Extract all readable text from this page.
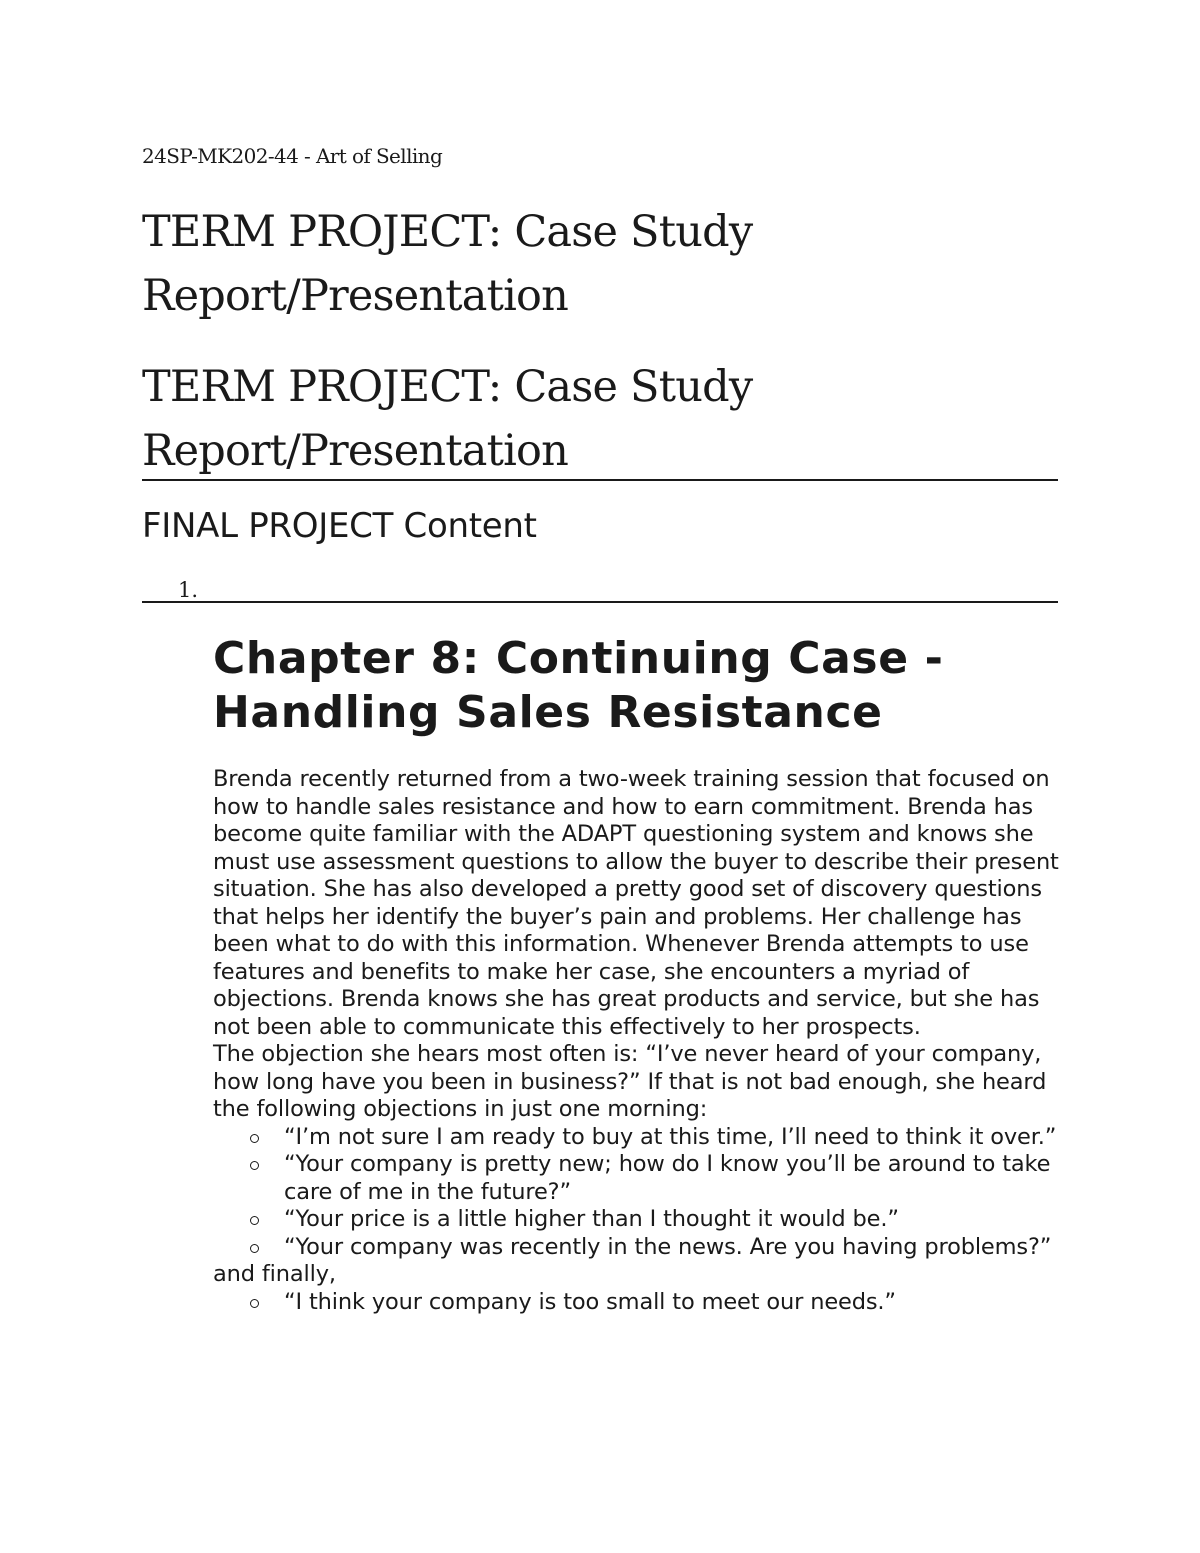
24SP-MK202-44 - Art of Selling
TERM PROJECT: Case Study Report/Presentation
TERM PROJECT: Case Study Report/Presentation
FINAL PROJECT Content
1.
Chapter 8: Continuing Case - Handling Sales Resistance

Brenda recently returned from a two-week training session that focused on how to handle sales resistance and how to earn commitment. Brenda has become quite familiar with the ADAPT questioning system and knows she must use assessment questions to allow the buyer to describe their present situation. She has also developed a pretty good set of discovery questions that helps her identify the buyer’s pain and problems. Her challenge has been what to do with this information. Whenever Brenda attempts to use features and benefits to make her case, she encounters a myriad of objections. Brenda knows she has great products and service, but she has not been able to communicate this effectively to her prospects.

The objection she hears most often is: “I’ve never heard of your company, how long have you been in business?” If that is not bad enough, she heard the following objections in just one morning:

“I’m not sure I am ready to buy at this time, I’ll need to think it over.”
“Your company is pretty new; how do I know you’ll be around to take care of me in the future?”
“Your price is a little higher than I thought it would be.”
“Your company was recently in the news. Are you having problems?”

and finally,

“I think your company is too small to meet our needs.”
